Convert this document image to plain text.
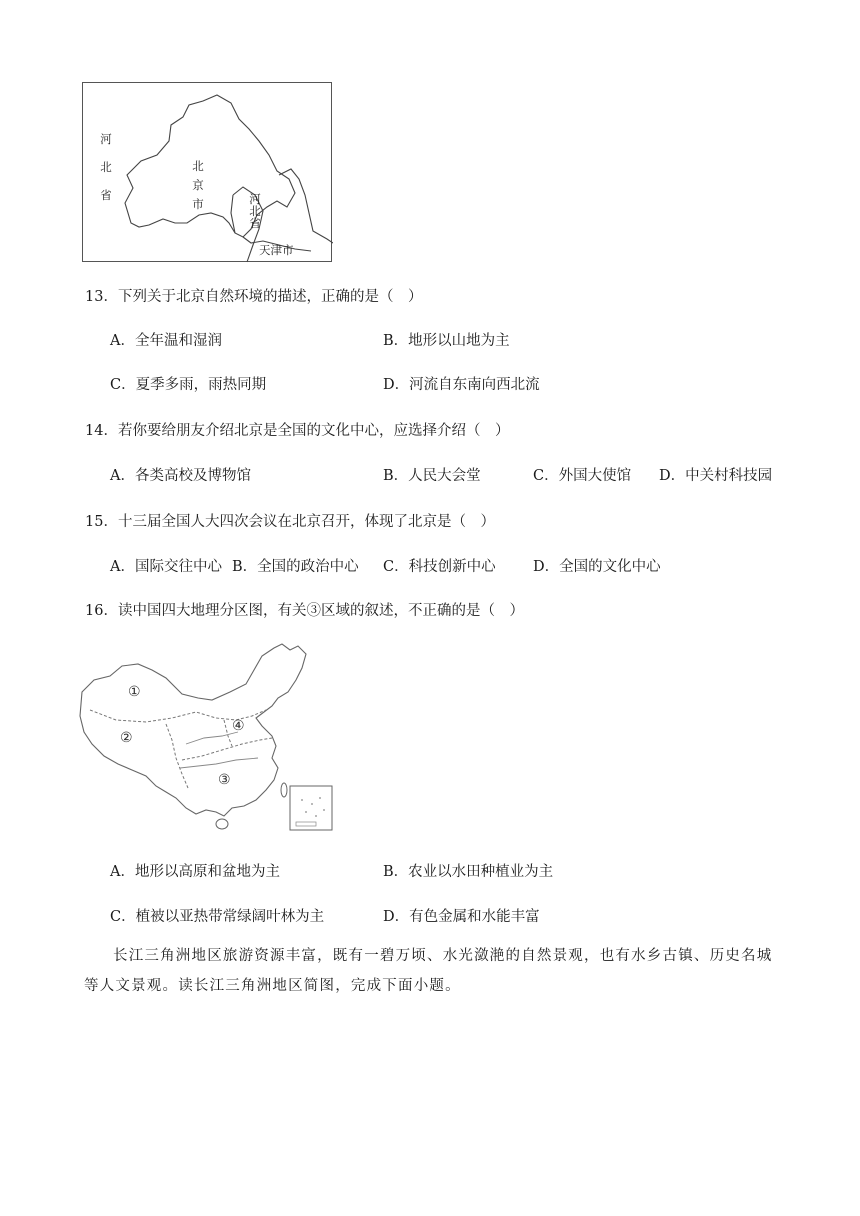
河北省
北京市	河北省
天津市
13．下列关于北京自然环境的描述，正确的是（　）
A．全年温和湿润	B．地形以山地为主
C．夏季多雨，雨热同期	D．河流自东南向西北流
14．若你要给朋友介绍北京是全国的文化中心，应选择介绍（　）
A．各类高校及博物馆	B．人民大会堂	C．外国大使馆 D．中关村科技园
15．十三届全国人大四次会议在北京召开，体现了北京是（　）
A．国际交往中心 B．全国的政治中心 C．科技创新中心	D．全国的文化中心
16．读中国四大地理分区图，有关③区域的叙述，不正确的是（　）
①
②
③
④
A．地形以高原和盆地为主	B．农业以水田种植业为主
C．植被以亚热带常绿阔叶林为主	D．有色金属和水能丰富
长江三角洲地区旅游资源丰富，既有一碧万顷、水光潋滟的自然景观，也有水乡古镇、历史名城等人文景观。读长江三角洲地区简图，完成下面小题。
